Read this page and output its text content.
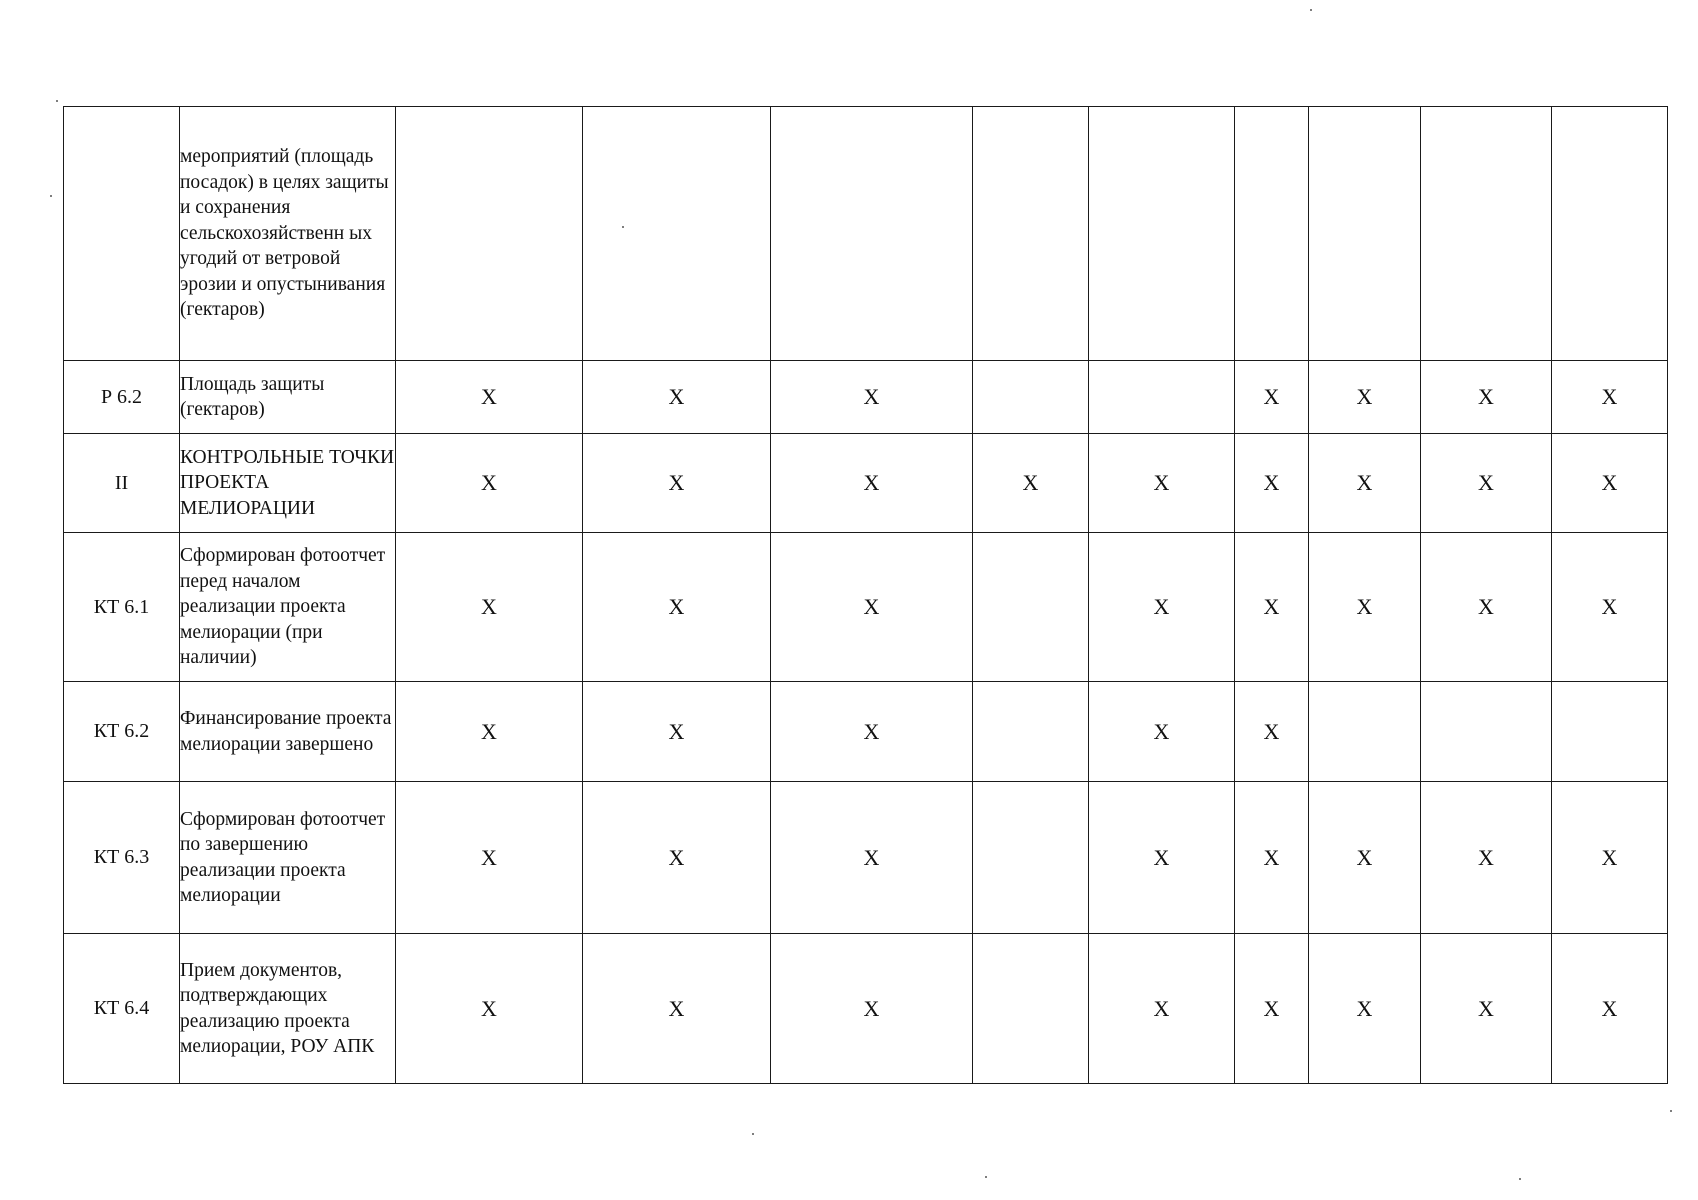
	мероприятий (площадь посадок) в целях защиты и сохранения сельскохозяйственн ых угодий от ветровой эрозии и опустынивания (гектаров)									
Р 6.2	Площадь защиты (гектаров)	Х	Х	Х			Х	Х	Х	Х
II	КОНТРОЛЬНЫЕ ТОЧКИ ПРОЕКТА МЕЛИОРАЦИИ	Х	Х	Х	Х	Х	Х	Х	Х	Х
КТ 6.1	Сформирован фотоотчет перед началом реализации проекта мелиорации (при наличии)	Х	Х	Х		Х	Х	Х	Х	Х
КТ 6.2	Финансирование проекта мелиорации завершено	Х	Х	Х		Х	Х			
КТ 6.3	Сформирован фотоотчет по завершению реализации проекта мелиорации	Х	Х	Х		Х	Х	Х	Х	Х
КТ 6.4	Прием документов, подтверждающих реализацию проекта мелиорации, РОУ АПК	Х	Х	Х		Х	Х	Х	Х	Х
